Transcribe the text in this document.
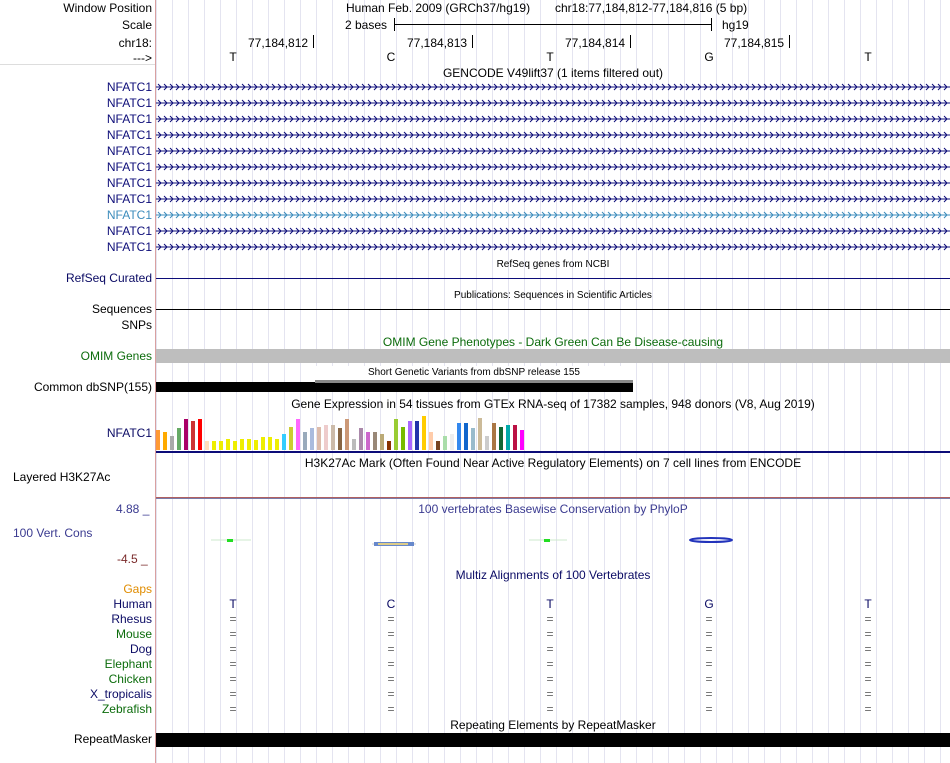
Window Position	Human Feb. 2009 (GRCh37/hg19) chr18:77,184,812-77,184,816 (5 bp)
Scale	2 bases	hg19
chr18:	77,184,812	77,184,813	77,184,814	77,184,815
--->	T	C	T	G	T
GENCODE V49lift37 (1 items filtered out)
NFATC1
NFATC1
NFATC1
NFATC1
NFATC1
NFATC1
NFATC1
NFATC1
NFATC1
NFATC1
NFATC1
RefSeq genes from NCBI
RefSeq Curated
Publications: Sequences in Scientific Articles
Sequences
SNPs
OMIM Gene Phenotypes - Dark Green Can Be Disease-causing
OMIM Genes
Common dbSNP(155)
Short Genetic Variants from dbSNP release 155
Gene Expression in 54 tissues from GTEx RNA-seq of 17382 samples, 948 donors (V8, Aug 2019)
NFATC1
H3K27Ac Mark (Often Found Near Active Regulatory Elements) on 7 cell lines from ENCODE
Layered H3K27Ac
100 vertebrates Basewise Conservation by PhyloP
4.88 _
100 Vert. Cons
-4.5 _
Multiz Alignments of 100 Vertebrates
Gaps
Human	T	C	T	G	T
Rhesus	=	=	=	=	=
Mouse	=	=	=	=	=
Dog	=	=	=	=	=
Elephant	=	=	=	=	=
Chicken	=	=	=	=	=
X_tropicalis	=	=	=	=	=
Zebrafish	=	=	=	=	=
Repeating Elements by RepeatMasker
RepeatMasker
